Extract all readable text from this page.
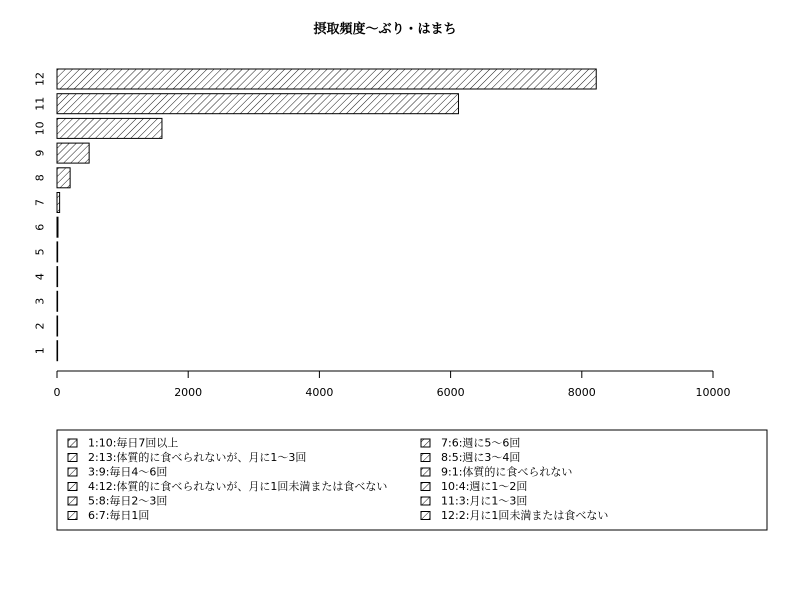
摂取頻度〜ぶり・はまち
1
2
3
4
5
6
7
8
9
10
11
12
0	2000	4000	6000	8000	10000
1:10:毎日7回以上
2:13:体質的に食べられないが、月に1〜3回
3:9:毎日4〜6回
4:12:体質的に食べられないが、月に1回未満または食べない
5:8:毎日2〜3回
6:7:毎日1回
7:6:週に5〜6回
8:5:週に3〜4回
9:1:体質的に食べられない
10:4:週に1〜2回
11:3:月に1〜3回
12:2:月に1回未満または食べない
